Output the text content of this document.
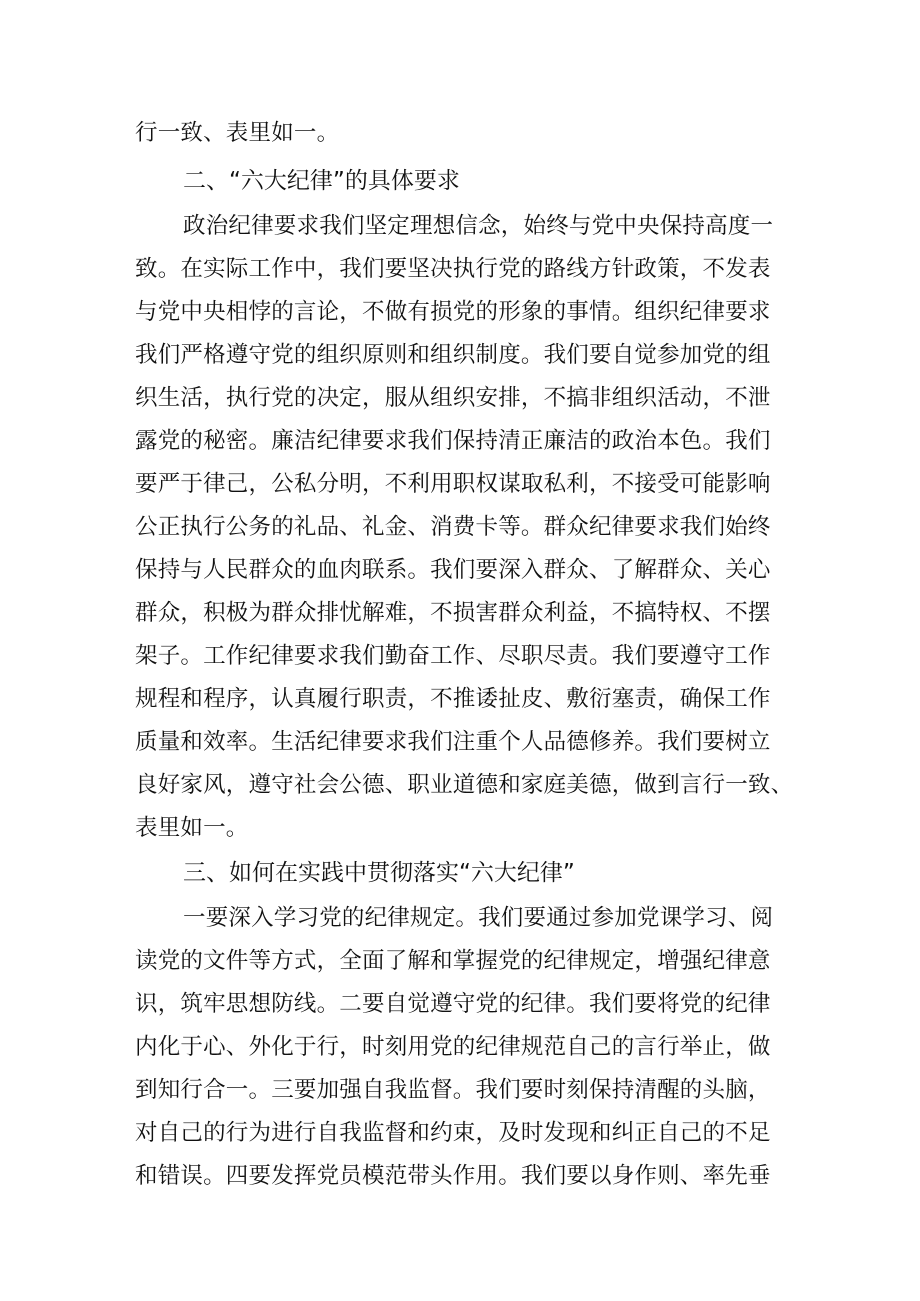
行一致、表里如一。
二、“六大纪律”的具体要求
政治纪律要求我们坚定理想信念，始终与党中央保持高度一
致。在实际工作中，我们要坚决执行党的路线方针政策，不发表
与党中央相悖的言论，不做有损党的形象的事情。组织纪律要求
我们严格遵守党的组织原则和组织制度。我们要自觉参加党的组
织生活，执行党的决定，服从组织安排，不搞非组织活动，不泄
露党的秘密。廉洁纪律要求我们保持清正廉洁的政治本色。我们
要严于律己，公私分明，不利用职权谋取私利，不接受可能影响
公正执行公务的礼品、礼金、消费卡等。群众纪律要求我们始终
保持与人民群众的血肉联系。我们要深入群众、了解群众、关心
群众，积极为群众排忧解难，不损害群众利益，不搞特权、不摆
架子。工作纪律要求我们勤奋工作、尽职尽责。我们要遵守工作
规程和程序，认真履行职责，不推诿扯皮、敷衍塞责，确保工作
质量和效率。生活纪律要求我们注重个人品德修养。我们要树立
良好家风，遵守社会公德、职业道德和家庭美德，做到言行一致、
表里如一。
三、如何在实践中贯彻落实“六大纪律”
一要深入学习党的纪律规定。我们要通过参加党课学习、阅
读党的文件等方式，全面了解和掌握党的纪律规定，增强纪律意
识，筑牢思想防线。二要自觉遵守党的纪律。我们要将党的纪律
内化于心、外化于行，时刻用党的纪律规范自己的言行举止，做
到知行合一。三要加强自我监督。我们要时刻保持清醒的头脑，
对自己的行为进行自我监督和约束，及时发现和纠正自己的不足
和错误。四要发挥党员模范带头作用。我们要以身作则、率先垂
